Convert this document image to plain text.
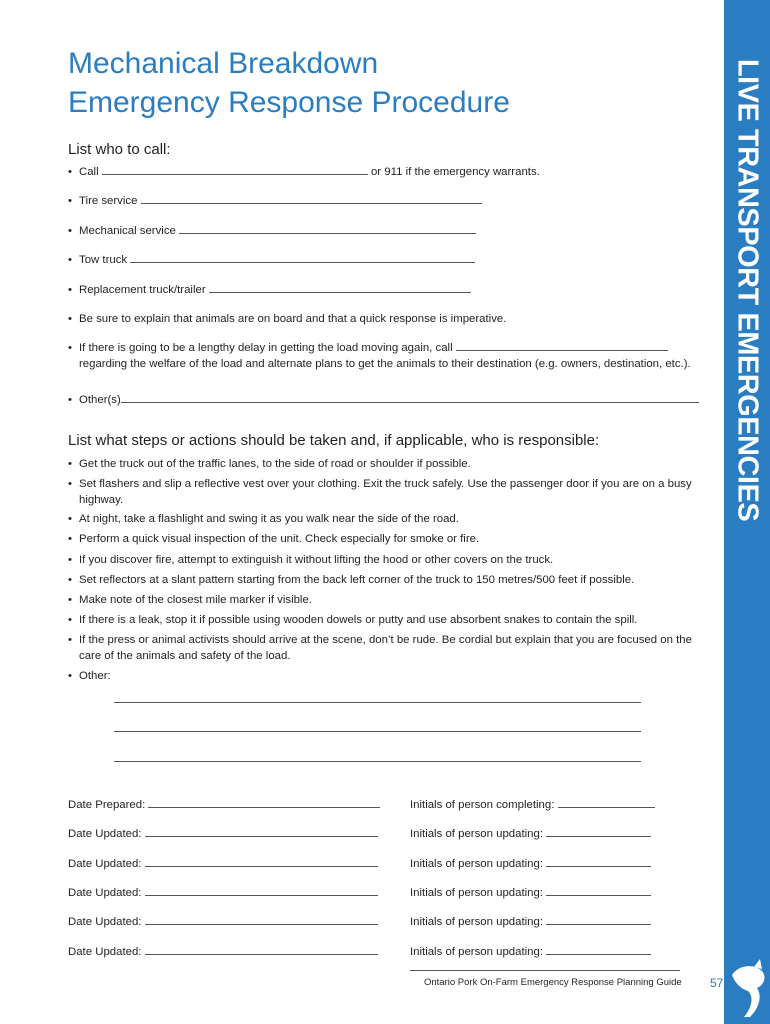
LIVE TRANSPORT EMERGENCIES
Mechanical Breakdown
Emergency Response Procedure
List who to call:
• Call	or 911 if the emergency warrants.
• Tire service
• Mechanical service
• Tow truck
• Replacement truck/trailer
• Be sure to explain that animals are on board and that a quick response is imperative.
• If there is going to be a lengthy delay in getting the load moving again, call  regarding the welfare of the load and alternate plans to get the animals to their destination (e.g. owners, destination, etc.).
• Other(s)
List what steps or actions should be taken and, if applicable, who is responsible:
• Get the truck out of the traffic lanes, to the side of road or shoulder if possible.
• Set flashers and slip a reflective vest over your clothing. Exit the truck safely. Use the passenger door if you are on a busy highway.
• At night, take a flashlight and swing it as you walk near the side of the road.
• Perform a quick visual inspection of the unit. Check especially for smoke or fire.
• If you discover fire, attempt to extinguish it without lifting the hood or other covers on the truck.
• Set reflectors at a slant pattern starting from the back left corner of the truck to 150 metres/500 feet if possible.
• Make note of the closest mile marker if visible.
• If there is a leak, stop it if possible using wooden dowels or putty and use absorbent snakes to contain the spill.
• If the press or animal activists should arrive at the scene, don’t be rude. Be cordial but explain that you are focused on the care of the animals and safety of the load.
• Other:
Date Prepared:	Initials of person completing:
Date Updated:	Initials of person updating:
Date Updated:	Initials of person updating:
Date Updated:	Initials of person updating:
Date Updated:	Initials of person updating:
Date Updated:	Initials of person updating:
Ontario Pork On-Farm Emergency Response Planning Guide 57
